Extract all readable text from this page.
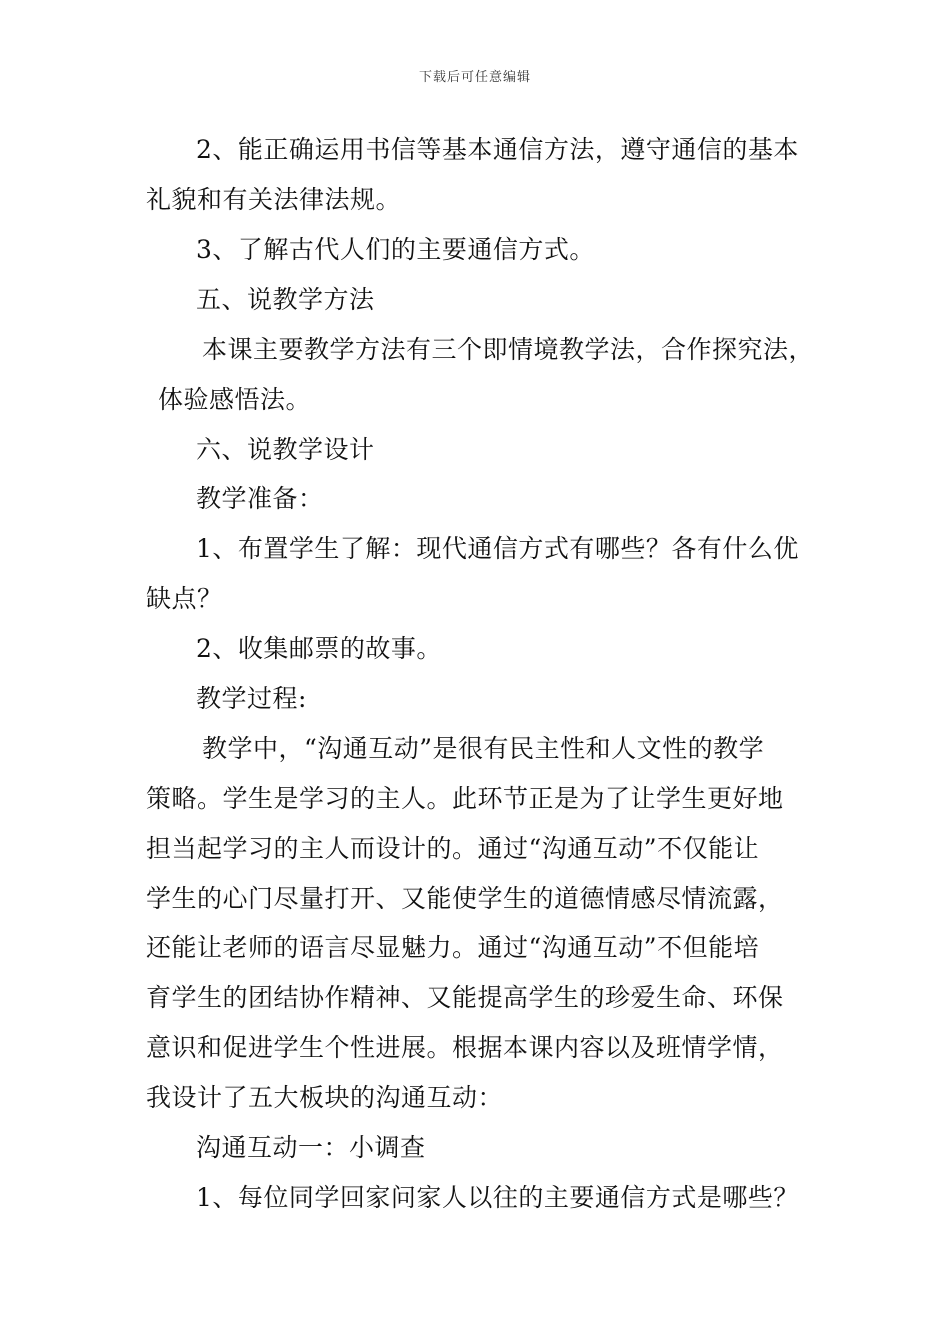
下载后可任意编辑
2、能正确运用书信等基本通信方法，遵守通信的基本
礼貌和有关法律法规。
3、了解古代人们的主要通信方式。
五、说教学方法
本课主要教学方法有三个即情境教学法，合作探究法，
体验感悟法。
六、说教学设计
教学准备：
1、布置学生了解：现代通信方式有哪些？各有什么优
缺点？
2、收集邮票的故事。
教学过程:
教学中，“沟通互动”是很有民主性和人文性的教学
策略。学生是学习的主人。此环节正是为了让学生更好地
担当起学习的主人而设计的。通过“沟通互动”不仅能让
学生的心门尽量打开、又能使学生的道德情感尽情流露，
还能让老师的语言尽显魅力。通过“沟通互动”不但能培
育学生的团结协作精神、又能提高学生的珍爱生命、环保
意识和促进学生个性进展。根据本课内容以及班情学情，
我设计了五大板块的沟通互动：
沟通互动一：小调查
1、每位同学回家问家人以往的主要通信方式是哪些？
